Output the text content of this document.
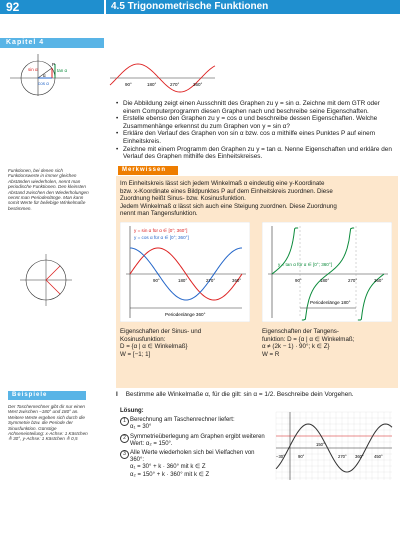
92	4.5 Trigonometrische Funktionen
Kapitel 4
sin α
cos α
tan α
α
P
90°	180°	270°	360°
• Die Abbildung zeigt einen Ausschnitt des Graphen zu y = sin α. Zeichne mit dem GTR oder einem Computerprogramm diesen Graphen nach und beschreibe seine Eigenschaften.
• Erstelle ebenso den Graphen zu y = cos α und beschreibe dessen Eigenschaften. Welche Zusammenhänge erkennst du zum Graphen von y = sin α?
• Erkläre den Verlauf des Graphen von sin α bzw. cos α mithilfe eines Punktes P auf einem Einheitskreis.
• Zeichne mit einem Programm den Graphen zu y = tan α. Nenne Eigenschaften und erkläre den Verlauf des Graphen mithilfe des Einheitskreises.
Funktionen, bei denen sich Funktionswerte in immer gleichen Abständen wiederholen, nennt man periodische Funktionen. Den kleinsten Abstand zwischen den Wiederholungen nennt man Periodenlänge. Man kann somit Werte für beliebige Winkelmaße bestimmen.
Merkwissen
Im Einheitskreis lässt sich jedem Winkelmaß α eindeutig eine y-Koordinate
bzw. x-Koordinate eines Bildpunktes P auf dem Einheitskreis zuordnen. Diese
Zuordnung heißt Sinus- bzw. Kosinusfunktion.
Jedem Winkelmaß α lässt sich auch eine Steigung zuordnen. Diese Zuordnung
nennt man Tangensfunktion.
y = sin α für α ∈ [0°; 360°]
y = cos α für α ∈ [0°; 360°]
90°	180°	270°	360°
Periodenlänge 360°
y = tan α für α ∈ [0°; 360°]
90°	180°	270°	360°
Periodenlänge 180°
Eigenschaften der Sinus- und
Kosinusfunktion:
D = {α | α ∈ Winkelmaß}
W = [−1; 1]
Eigenschaften der Tangens-
funktion: D = {α | α ∈ Winkelmaß;
α ≠ (2k − 1) · 90°; k ∈ Z}
W = R
Beispiele
Der Taschenrechner gibt dir nur einen Wert zwischen −180° und 180° an. Weitere Werte ergeben sich durch die Symmetrie bzw. die Periode der Sinusfunktion. Günstige Achseneinteilung: x-Achse: 1 Kästchen ≙ 30°, y-Achse: 1 Kästchen ≙ 0,5
I Bestimme alle Winkelmaße α, für die gilt: sin α = 1/2. Beschreibe dein Vorgehen.
Lösung:
1 Berechnung am Taschenrechner liefert:
α₁ = 30°
2 Symmetrieüberlegung am Graphen ergibt weiteren Wert: α₂ = 150°.
3 Alle Werte wiederholen sich bei Vielfachen von 360°:
α₁ = 30° + k · 360° mit k ∈ Z
α₂ = 150° + k · 360° mit k ∈ Z
−30°	90°
150°
270° 360° 450°
